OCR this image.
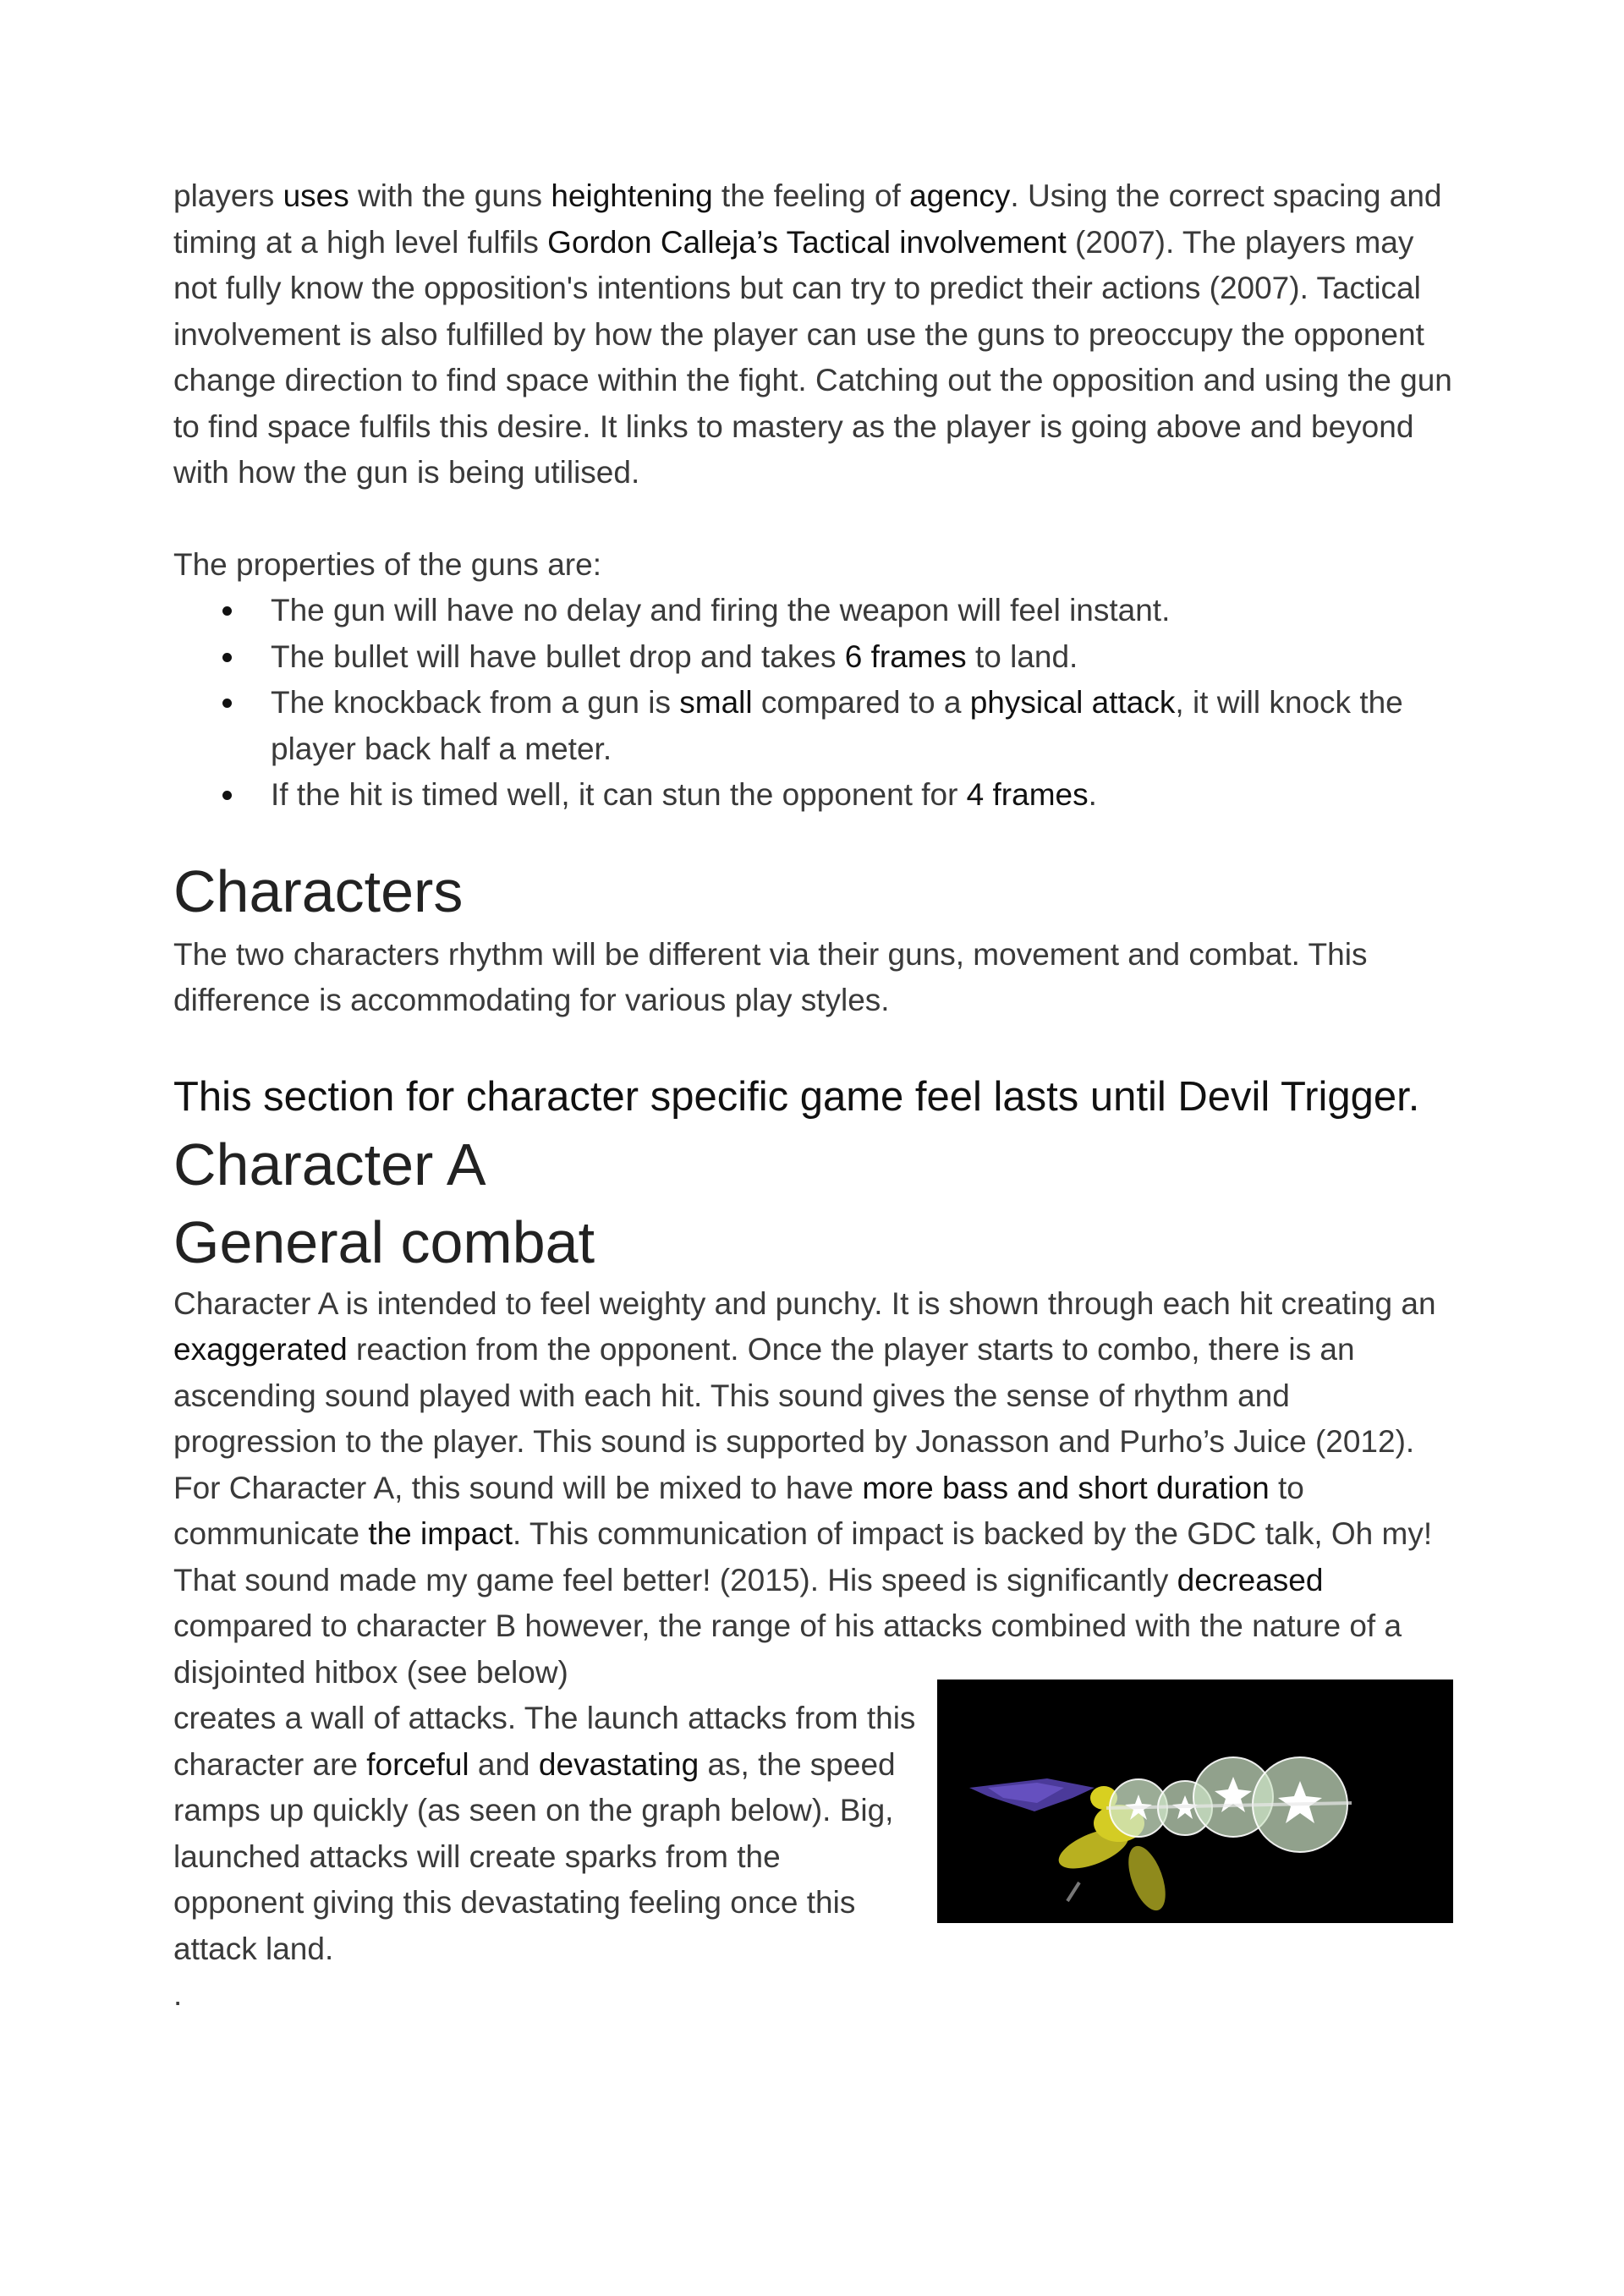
players uses with the guns heightening the feeling of agency. Using the correct spacing and timing at a high level fulfils Gordon Calleja’s Tactical involvement (2007). The players may not fully know the opposition's intentions but can try to predict their actions (2007). Tactical involvement is also fulfilled by how the player can use the guns to preoccupy the opponent change direction to find space within the fight. Catching out the opposition and using the gun to find space fulfils this desire. It links to mastery as the player is going above and beyond with how the gun is being utilised.

The properties of the guns are:
The gun will have no delay and firing the weapon will feel instant.
The bullet will have bullet drop and takes 6 frames to land.
The knockback from a gun is small compared to a physical attack, it will knock the player back half a meter.
If the hit is timed well, it can stun the opponent for 4 frames.
Characters

The two characters rhythm will be different via their guns, movement and combat. This difference is accommodating for various play styles.

This section for character specific game feel lasts until Devil Trigger.
Character A
General combat

Character A is intended to feel weighty and punchy. It is shown through each hit creating an exaggerated reaction from the opponent. Once the player starts to combo, there is an ascending sound played with each hit. This sound gives the sense of rhythm and progression to the player. This sound is supported by Jonasson and Purho’s Juice (2012). For Character A, this sound will be mixed to have more bass and short duration to communicate the impact. This communication of impact is backed by the GDC talk, Oh my! That sound made my game feel better! (2015). His speed is significantly decreased compared to character B however, the range of his attacks combined with the nature of a disjointed hitbox (see below)

creates a wall of attacks. The launch attacks from this character are forceful and devastating as, the speed ramps up quickly (as seen on the graph below). Big, launched attacks will create sparks from the opponent giving this devastating feeling once this attack land.

.
